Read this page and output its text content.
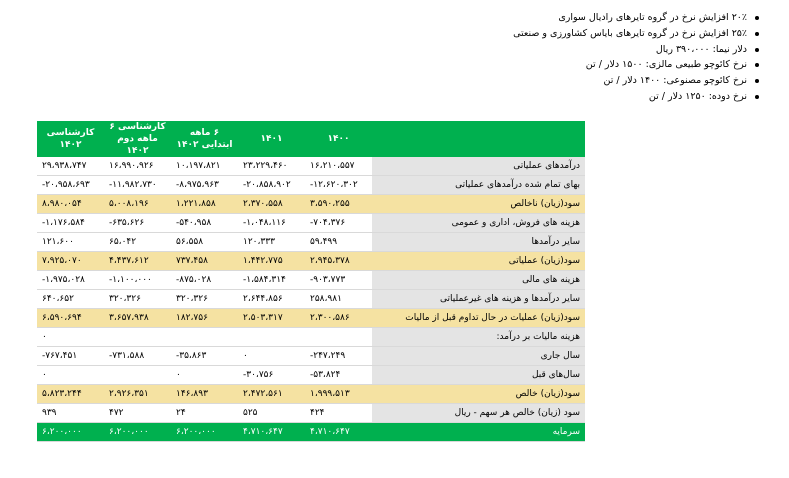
۲۰٪ افزایش نرخ در گروه تایرهای رادیال سواری
۲۵٪ افزایش نرخ در گروه تایرهای بایاس کشاورزی و صنعتی
دلار نیما: ۳۹۰،۰۰۰ ریال
نرخ کائوچو طبیعی مالزی: ۱۵۰۰ دلار / تن
نرخ کائوچو مصنوعی: ۱۴۰۰ دلار / تن
نرخ دوده: ۱۲۵۰ دلار / تن
	۱۴۰۰	۱۴۰۱	۶ ماهه ابتدایی ۱۴۰۲	کارشناسی ۶ ماهه دوم ۱۴۰۲	کارشناسی ۱۴۰۲
درآمدهای عملیاتی	۱۶،۲۱۰،۵۵۷	۲۳،۲۲۹،۴۶۰	۱۰،۱۹۷،۸۲۱	۱۶،۹۹۰،۹۲۶	۲۹،۹۳۸،۷۴۷
بهای تمام شده درآمدهای عملیاتی	-۱۲،۶۲۰،۳۰۲	-۲۰،۸۵۸،۹۰۲	-۸،۹۷۵،۹۶۳	-۱۱،۹۸۲،۷۳۰	-۲۰،۹۵۸،۶۹۳
سود(زیان) ناخالص	۳،۵۹۰،۲۵۵	۲،۳۷۰،۵۵۸	۱،۲۲۱،۸۵۸	۵،۰۰۸،۱۹۶	۸،۹۸۰،۰۵۴
هزینه های فروش، اداری و عمومی	-۷۰۴،۳۷۶	-۱،۰۴۸،۱۱۶	-۵۴۰،۹۵۸	-۶۳۵،۶۲۶	-۱،۱۷۶،۵۸۴
سایر درآمدها	۵۹،۴۹۹	۱۲۰،۳۳۳	۵۶،۵۵۸	۶۵،۰۴۲	۱۲۱،۶۰۰
سود(زیان) عملیاتی	۲،۹۴۵،۳۷۸	۱،۴۴۲،۷۷۵	۷۳۷،۴۵۸	۴،۴۳۷،۶۱۲	۷،۹۲۵،۰۷۰
هزینه های مالی	-۹۰۳،۷۷۳	-۱،۵۸۴،۳۱۴	-۸۷۵،۰۲۸	-۱،۱۰۰،۰۰۰	-۱،۹۷۵،۰۲۸
سایر درآمدها و هزینه های غیرعملیاتی	۲۵۸،۹۸۱	۲،۶۴۴،۸۵۶	۳۲۰،۳۲۶	۳۲۰،۳۲۶	۶۴۰،۶۵۲
سود(زیان) عملیات در حال تداوم قبل از مالیات	۲،۳۰۰،۵۸۶	۲،۵۰۳،۳۱۷	۱۸۲،۷۵۶	۳،۶۵۷،۹۳۸	۶،۵۹۰،۶۹۴
هزینه مالیات بر درآمد:					۰
سال جاری	-۲۴۷،۲۴۹	۰	-۳۵،۸۶۳	-۷۳۱،۵۸۸	-۷۶۷،۴۵۱
سال‌های قبل	-۵۳،۸۲۴	-۳۰،۷۵۶	۰		۰
سود(زیان) خالص	۱،۹۹۹،۵۱۳	۲،۴۷۲،۵۶۱	۱۴۶،۸۹۳	۲،۹۲۶،۳۵۱	۵،۸۲۳،۲۴۴
سود (زیان) خالص هر سهم - ریال	۴۲۴	۵۲۵	۲۴	۴۷۲	۹۳۹
سرمایه	۴،۷۱۰،۶۴۷	۴،۷۱۰،۶۴۷	۶،۲۰۰،۰۰۰	۶،۲۰۰،۰۰۰	۶،۲۰۰،۰۰۰
